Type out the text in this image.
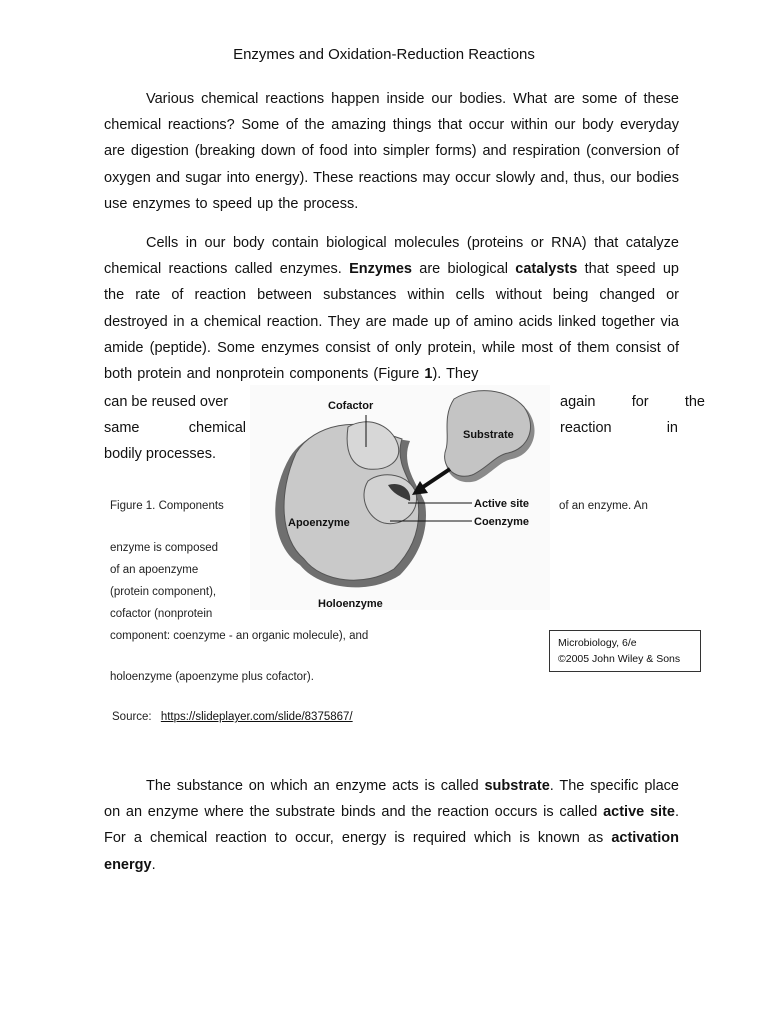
Enzymes and Oxidation-Reduction Reactions
Various chemical reactions happen inside our bodies. What are some of these chemical reactions? Some of the amazing things that occur within our body everyday are digestion (breaking down of food into simpler forms) and respiration (conversion of oxygen and sugar into energy). These reactions may occur slowly and, thus, our bodies use enzymes to speed up the process.
Cells in our body contain biological molecules (proteins or RNA) that catalyze chemical reactions called enzymes. Enzymes are biological catalysts that speed up the rate of reaction between substances within cells without being changed or destroyed in a chemical reaction. They are made up of amino acids linked together via amide (peptide). Some enzymes consist of only protein, while most of them consist of both protein and nonprotein components (Figure 1). They
can be reused over	again for the
same chemical	reaction in
bodily processes.
Cofactor
Substrate
Active site
Apoenzyme	Coenzyme
Holoenzyme
Figure 1. Components	of an enzyme. An
enzyme is composed
of an apoenzyme
(protein component),
cofactor (nonprotein
component: coenzyme - an organic molecule), and
holoenzyme (apoenzyme plus cofactor).
Microbiology, 6/e
©2005 John Wiley & Sons
Source: https://slideplayer.com/slide/8375867/
The substance on which an enzyme acts is called substrate. The specific place on an enzyme where the substrate binds and the reaction occurs is called active site. For a chemical reaction to occur, energy is required which is known as activation energy.
